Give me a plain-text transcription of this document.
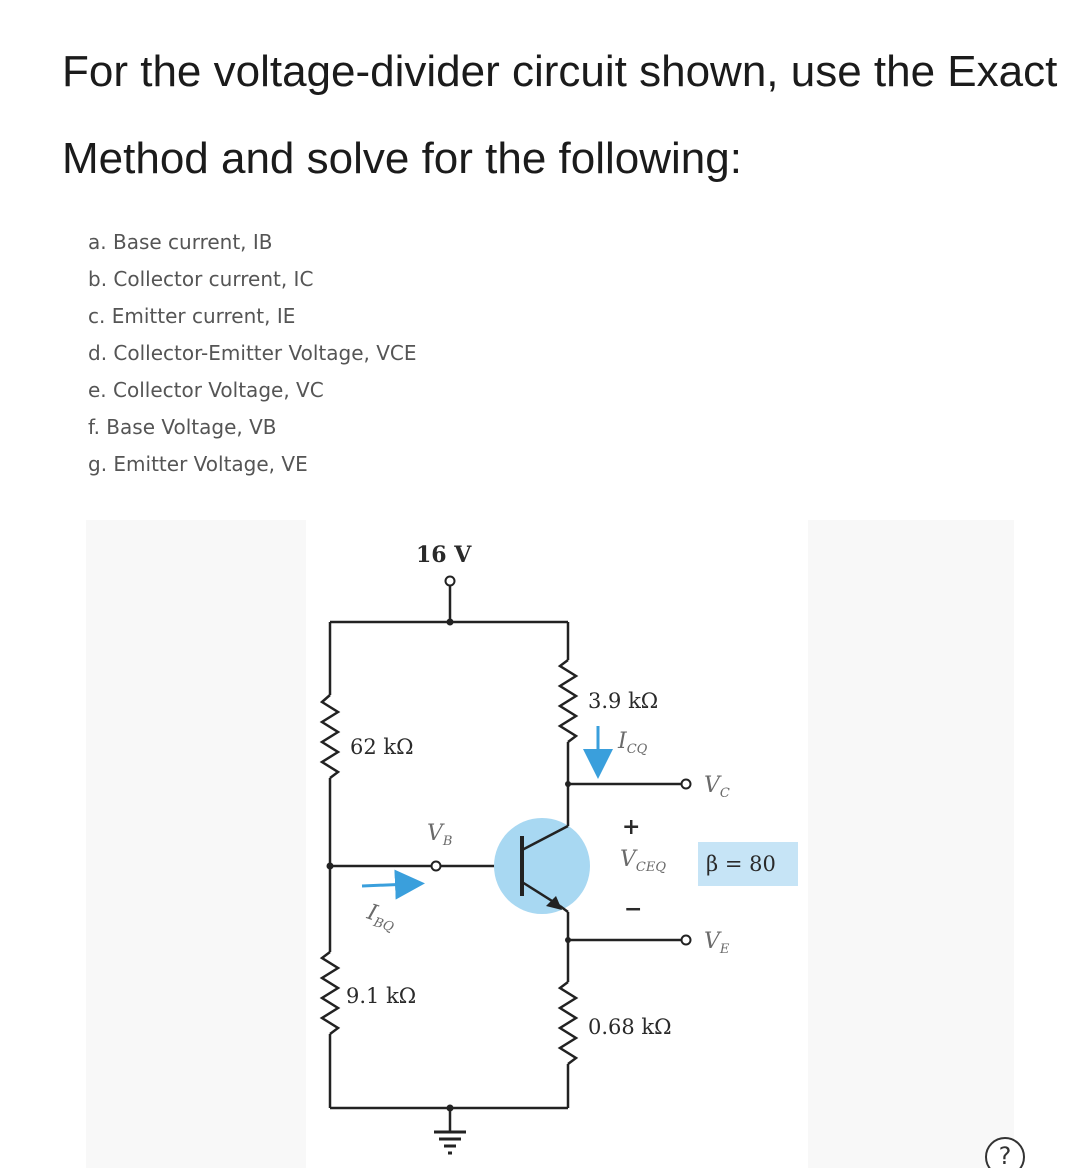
For the voltage-divider circuit shown, use the Exact Method and solve for the following:

a. Base current, IB
b. Collector current, IC
c. Emitter current, IE
d. Collector-Emitter Voltage, VCE
e. Collector Voltage, VC
f. Base Voltage, VB
g. Emitter Voltage, VE
16 V
62 kΩ
9.1 kΩ
$V_B$
$I_{BQ}$
3.9 kΩ
$I_{CQ}$
$V_C$
+
$V_{CEQ}$
−
β = 80
$V_E$
0.68 kΩ
?
